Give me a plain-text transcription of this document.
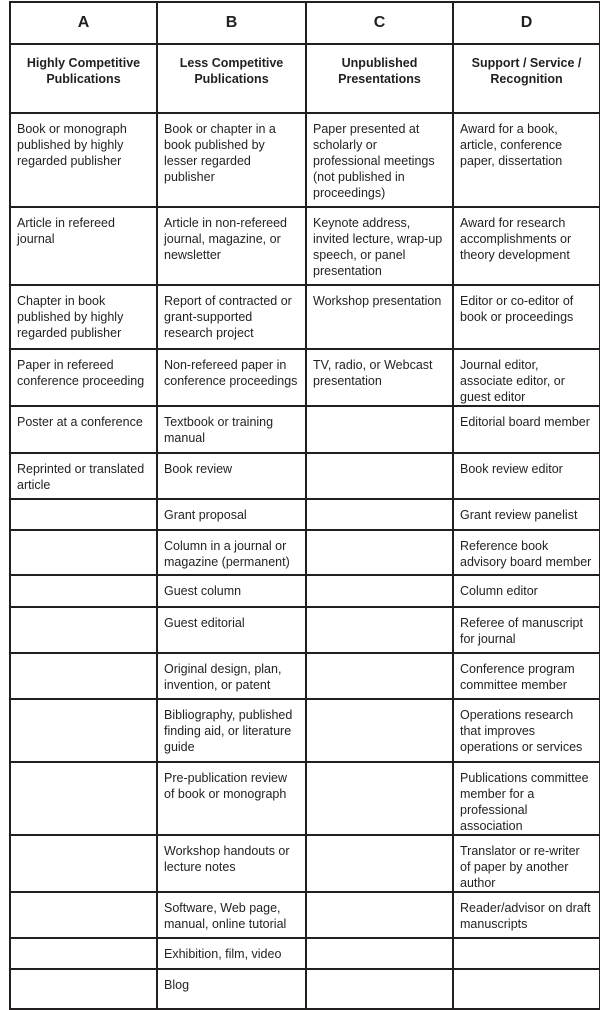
A	B	C	D
Highly Competitive Publications	Less Competitive Publications	Unpublished Presentations	Support / Service / Recognition
Book or monograph published by highly regarded publisher	Book or chapter in a book published by lesser regarded publisher	Paper presented at scholarly or professional meetings (not published in proceedings)	Award for a book, article, conference paper, dissertation
Article in refereed journal	Article in non-refereed journal, magazine, or newsletter	Keynote address, invited lecture, wrap-up speech, or panel presentation	Award for research accomplishments or theory development
Chapter in book published by highly regarded publisher	Report of contracted or grant-supported research project	Workshop presentation	Editor or co-editor of book or proceedings
Paper in refereed conference proceeding	Non-refereed paper in conference proceedings	TV, radio, or Webcast presentation	Journal editor, associate editor, or guest editor
Poster at a conference	Textbook or training manual		Editorial board member
Reprinted or translated article	Book review		Book review editor
	Grant proposal		Grant review panelist
	Column in a journal or magazine (permanent)		Reference book advisory board member
	Guest column		Column editor
	Guest editorial		Referee of manuscript for journal
	Original design, plan, invention, or patent		Conference program committee member
	Bibliography, published finding aid, or literature guide		Operations research that improves operations or services
	Pre-publication review of book or monograph		Publications committee member for a professional association
	Workshop handouts or lecture notes		Translator or re-writer of paper by another author
	Software, Web page, manual, online tutorial		Reader/advisor on draft manuscripts
	Exhibition, film, video		
	Blog		
